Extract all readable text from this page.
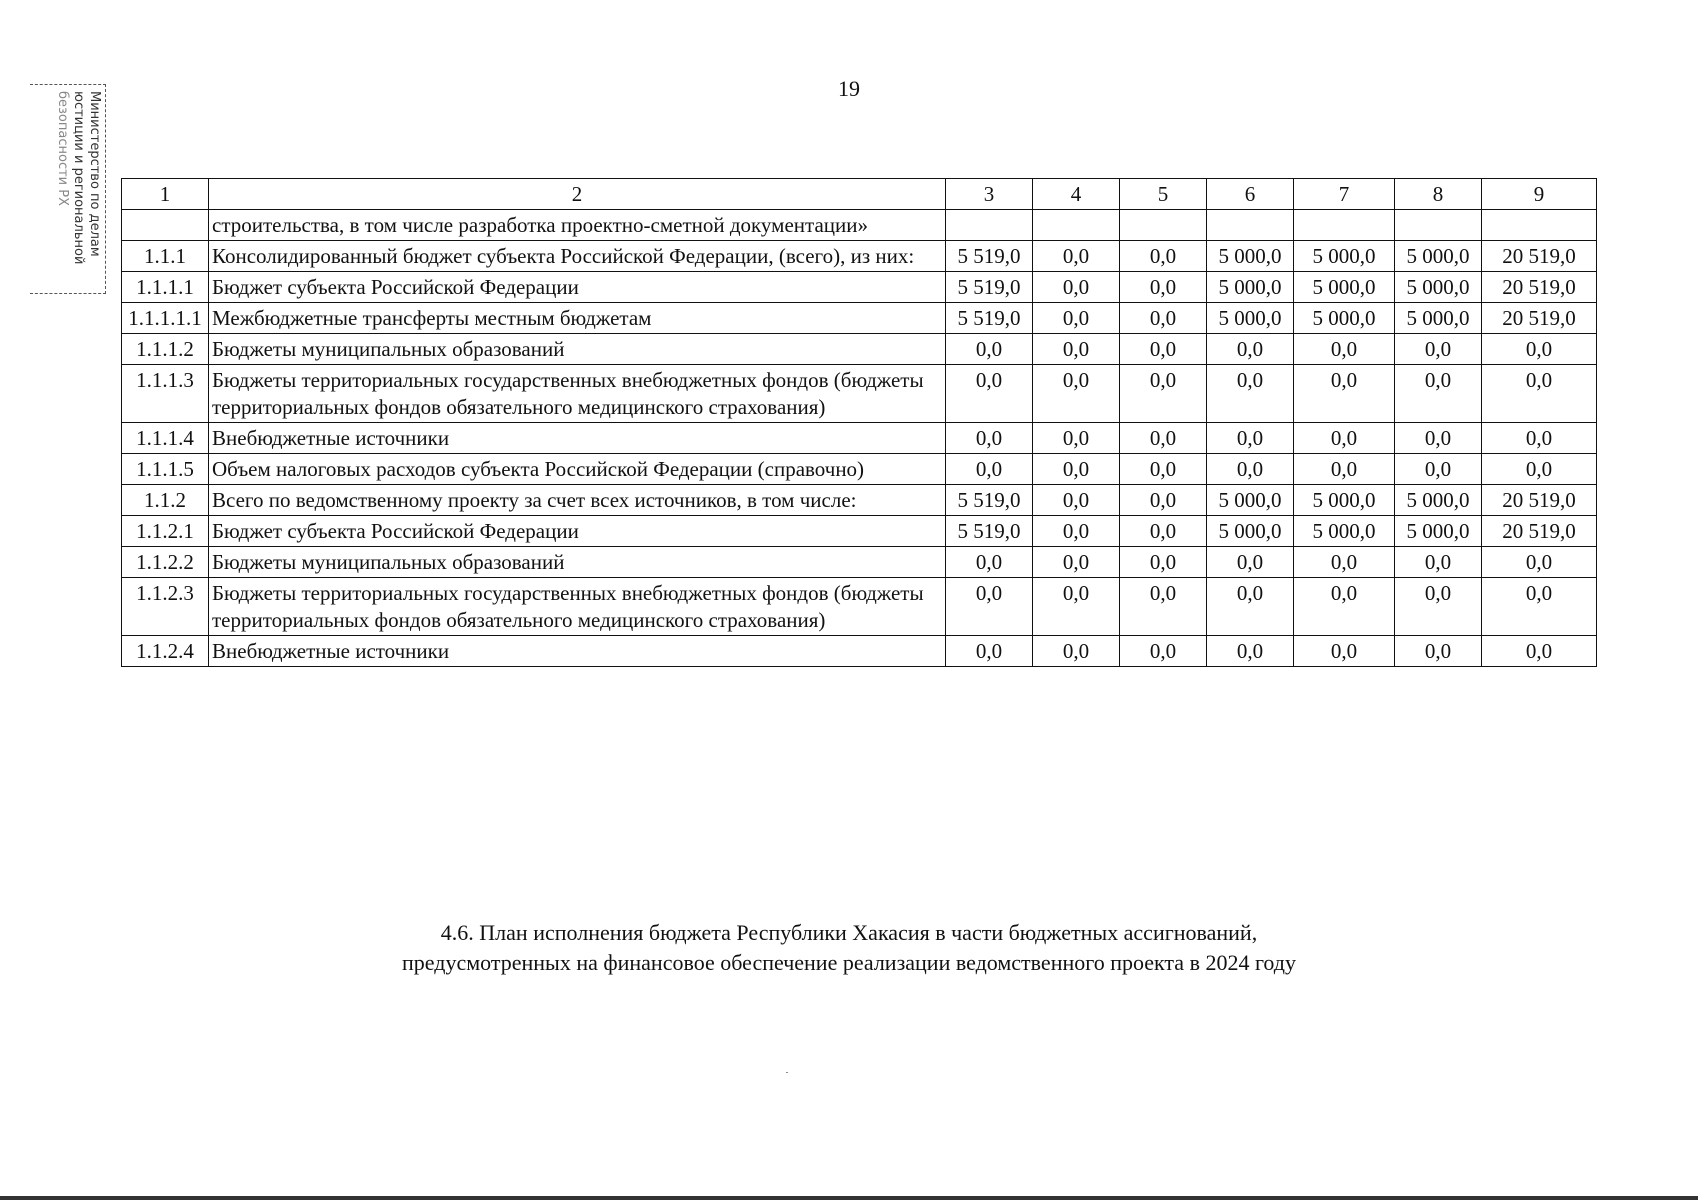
19
Министерство по делам
юстиции и региональной
безопасности РХ	1	2	3	4	5	6	7	8	9
	строительства, в том числе разработка проектно-сметной документации»							
1.1.1	Консолидированный бюджет субъекта Российской Федерации, (всего), из них:	5 519,0	0,0	0,0	5 000,0	5 000,0	5 000,0	20 519,0
1.1.1.1	Бюджет субъекта Российской Федерации	5 519,0	0,0	0,0	5 000,0	5 000,0	5 000,0	20 519,0
1.1.1.1.1	Межбюджетные трансферты местным бюджетам	5 519,0	0,0	0,0	5 000,0	5 000,0	5 000,0	20 519,0
1.1.1.2	Бюджеты муниципальных образований	0,0	0,0	0,0	0,0	0,0	0,0	0,0
1.1.1.3	Бюджеты территориальных государственных внебюджетных фондов (бюджеты территориальных фондов обязательного медицинского страхования)	0,0	0,0	0,0	0,0	0,0	0,0	0,0
1.1.1.4	Внебюджетные источники	0,0	0,0	0,0	0,0	0,0	0,0	0,0
1.1.1.5	Объем налоговых расходов субъекта Российской Федерации (справочно)	0,0	0,0	0,0	0,0	0,0	0,0	0,0
1.1.2	Всего по ведомственному проекту за счет всех источников, в том числе:	5 519,0	0,0	0,0	5 000,0	5 000,0	5 000,0	20 519,0
1.1.2.1	Бюджет субъекта Российской Федерации	5 519,0	0,0	0,0	5 000,0	5 000,0	5 000,0	20 519,0
1.1.2.2	Бюджеты муниципальных образований	0,0	0,0	0,0	0,0	0,0	0,0	0,0
1.1.2.3	Бюджеты территориальных государственных внебюджетных фондов (бюджеты территориальных фондов обязательного медицинского страхования)	0,0	0,0	0,0	0,0	0,0	0,0	0,0
1.1.2.4	Внебюджетные источники	0,0	0,0	0,0	0,0	0,0	0,0	0,0
4.6. План исполнения бюджета Республики Хакасия в части бюджетных ассигнований,
предусмотренных на финансовое обеспечение реализации ведомственного проекта в 2024 году
